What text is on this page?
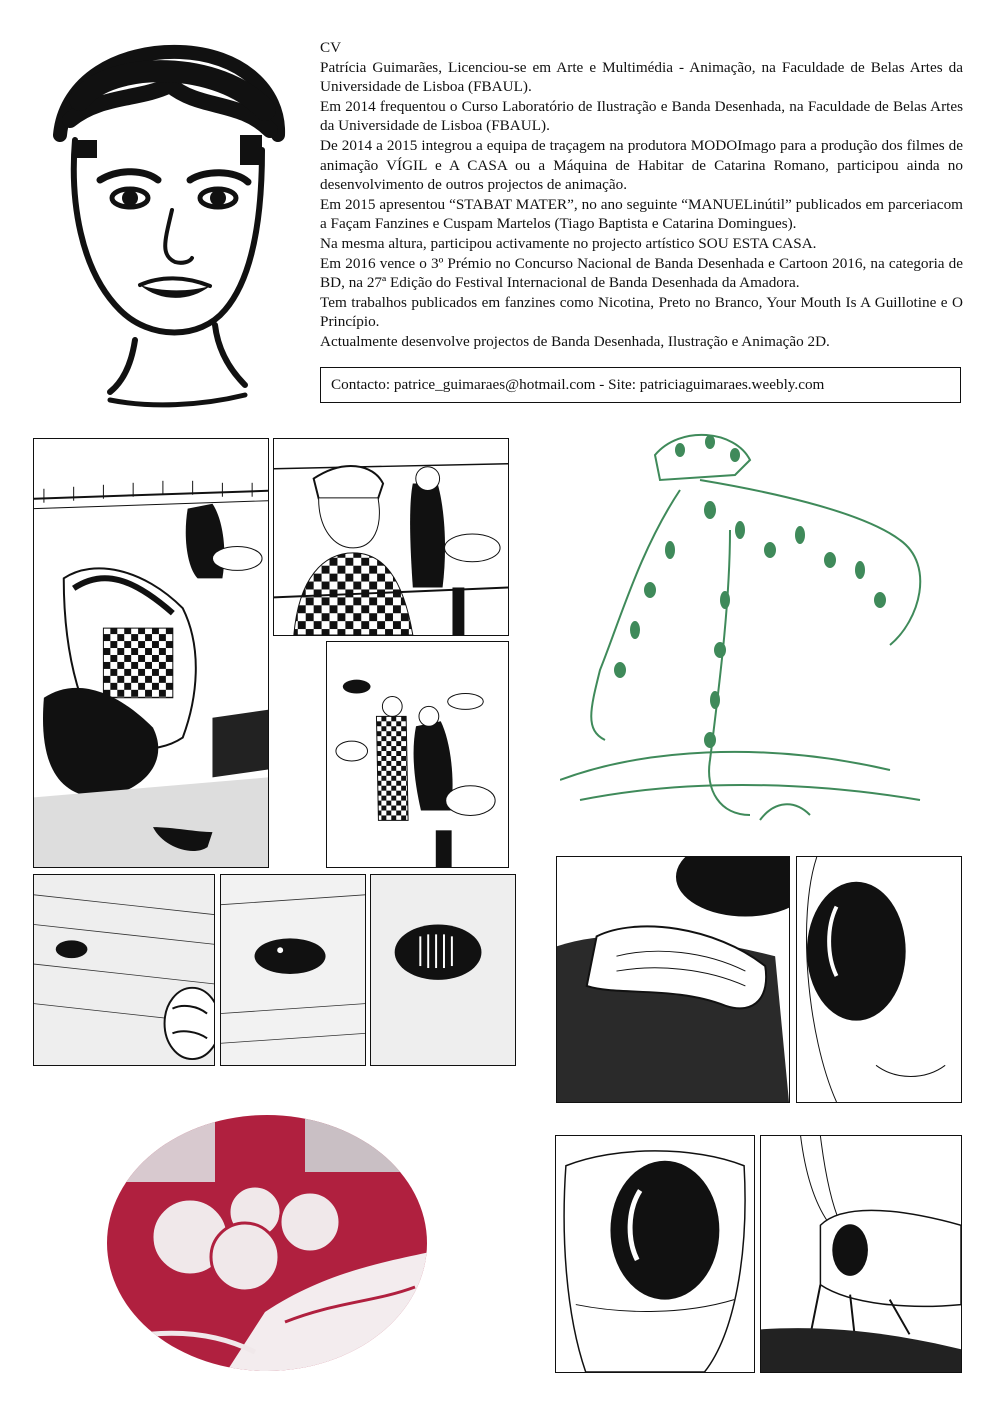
CV

Patrícia Guimarães, Licenciou-se em Arte e Multimédia - Animação, na Faculdade de Belas Artes da Universidade de Lisboa (FBAUL).

Em 2014 frequentou o Curso Laboratório de Ilustração e Banda Desenhada, na Faculdade de Belas Artes da Universidade de Lisboa (FBAUL).

De 2014 a 2015 integrou a equipa de traçagem na produtora MODOImago para a produção dos filmes de animação VÍGIL e A CASA ou a Máquina de Habitar de Catarina Romano, participou ainda no desenvolvimento de outros projectos de animação.

Em 2015 apresentou “STABAT MATER”, no ano seguinte “MANUELinútil” publicados em parceriacom a Façam Fanzines e Cuspam Martelos (Tiago Baptista e Catarina Domingues).

Na mesma altura, participou activamente no projecto artístico SOU ESTA CASA.

Em 2016 vence o 3º Prémio no Concurso Nacional de Banda Desenhada e Cartoon 2016, na categoria de BD, na 27ª Edição do Festival Internacional de Banda Desenhada da Amadora.

Tem trabalhos publicados em fanzines como Nicotina, Preto no Branco, Your Mouth Is A Guillotine e O Princípio.

Actualmente desenvolve projectos de Banda Desenhada, Ilustração e Animação 2D.

Contacto: patrice_guimaraes@hotmail.com - Site: patriciaguimaraes.weebly.com
